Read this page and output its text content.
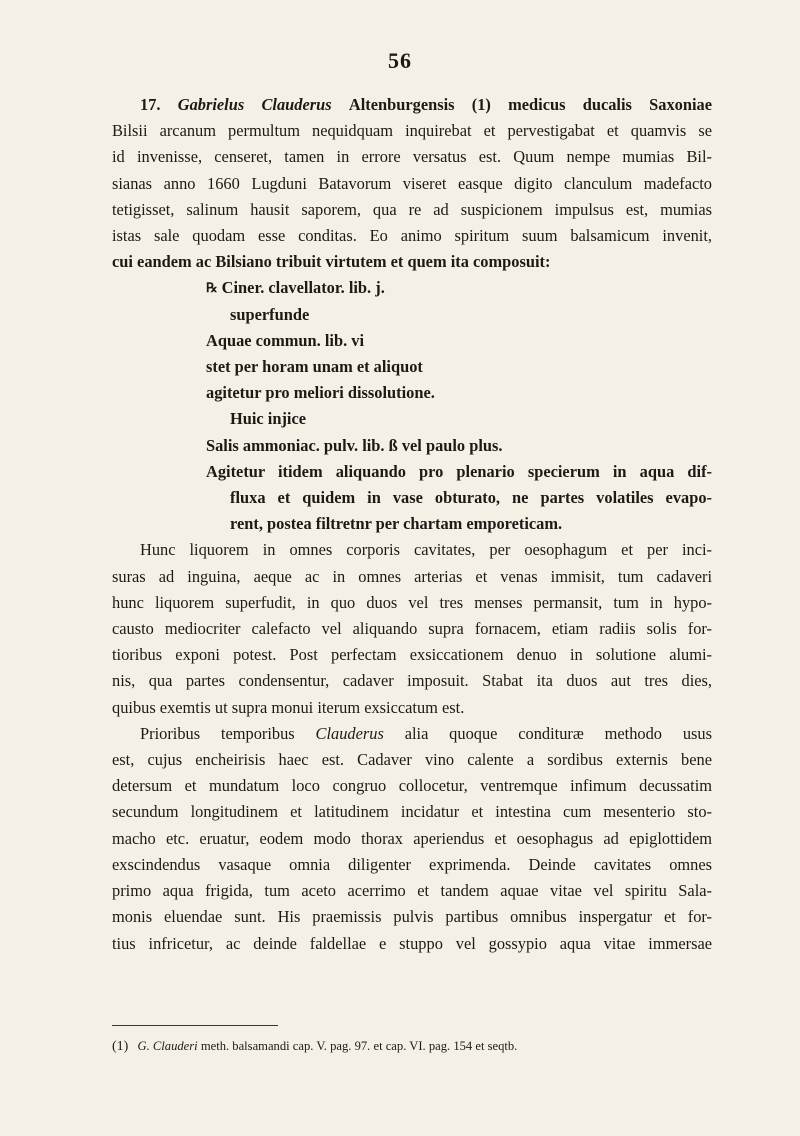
56
17. Gabrielus Clauderus Altenburgensis (1) medicus ducalis Saxoniae
Bilsii arcanum permultum nequidquam inquirebat et pervestigabat et quamvis se
id invenisse, censeret, tamen in errore versatus est. Quum nempe mumias Bil-
sianas anno 1660 Lugduni Batavorum viseret easque digito clanculum madefacto
tetigisset, salinum hausit saporem, qua re ad suspicionem impulsus est, mumias
istas sale quodam esse conditas. Eo animo spiritum suum balsamicum invenit,
cui eandem ac Bilsiano tribuit virtutem et quem ita composuit:
℞ Ciner. clavellator. lib. j.
superfunde
Aquae commun. lib. vi
stet per horam unam et aliquot
agitetur pro meliori dissolutione.
Huic injice
Salis ammoniac. pulv. lib. ß vel paulo plus.
Agitetur itidem aliquando pro plenario specierum in aqua dif-
fluxa et quidem in vase obturato, ne partes volatiles evapo-
rent, postea filtretnr per chartam emporeticam.
Hunc liquorem in omnes corporis cavitates, per oesophagum et per inci-
suras ad inguina, aeque ac in omnes arterias et venas immisit, tum cadaveri
hunc liquorem superfudit, in quo duos vel tres menses permansit, tum in hypo-
causto mediocriter calefacto vel aliquando supra fornacem, etiam radiis solis for-
tioribus exponi potest. Post perfectam exsiccationem denuo in solutione alumi-
nis, qua partes condensentur, cadaver imposuit. Stabat ita duos aut tres dies,
quibus exemtis ut supra monui iterum exsiccatum est.
Prioribus temporibus Clauderus alia quoque condituræ methodo usus
est, cujus encheirisis haec est. Cadaver vino calente a sordibus externis bene
detersum et mundatum loco congruo collocetur, ventremque infimum decussatim
secundum longitudinem et latitudinem incidatur et intestina cum mesenterio sto-
macho etc. eruatur, eodem modo thorax aperiendus et oesophagus ad epiglottidem
exscindendus vasaque omnia diligenter exprimenda. Deinde cavitates omnes
primo aqua frigida, tum aceto acerrimo et tandem aquae vitae vel spiritu Sala-
monis eluendae sunt. His praemissis pulvis partibus omnibus inspergatur et for-
tius infricetur, ac deinde faldellae e stuppo vel gossypio aqua vitae immersae
(1) G. Clauderi meth. balsamandi cap. V. pag. 97. et cap. VI. pag. 154 et seqtb.
